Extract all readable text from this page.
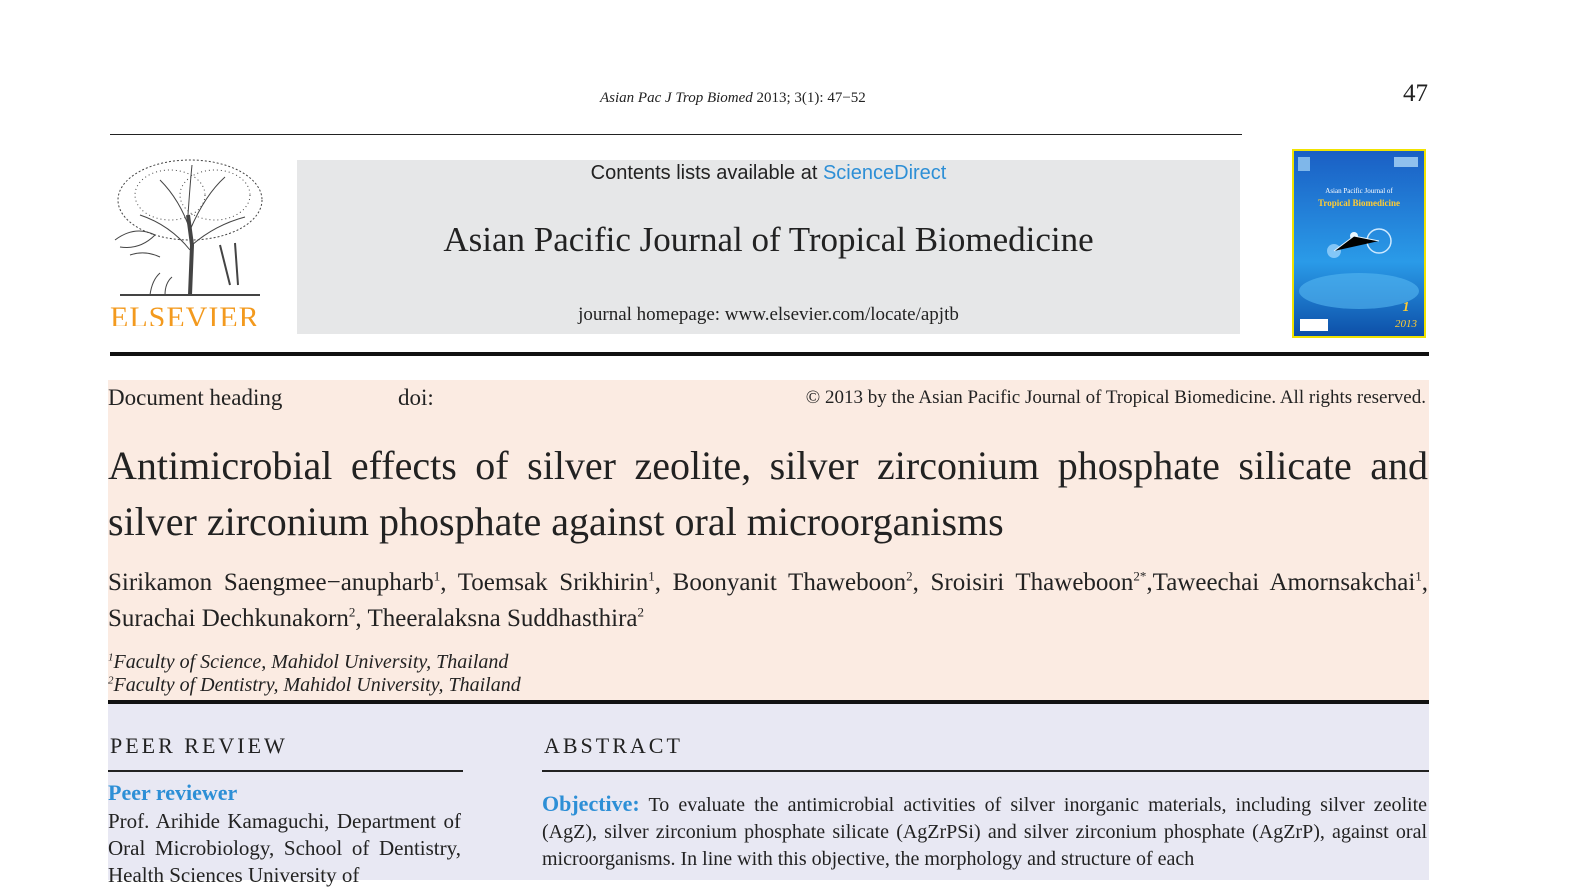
Asian Pac J Trop Biomed 2013; 3(1): 47−52	47
ELSEVIER
Contents lists available at ScienceDirect
Asian Pacific Journal of Tropical Biomedicine
journal homepage: www.elsevier.com/locate/apjtb
Asian Pacific Journal of
Tropical Biomedicine
1
2013
Document heading	doi:	© 2013 by the Asian Pacific Journal of Tropical Biomedicine. All rights reserved.
Antimicrobial effects of silver zeolite, silver zirconium phosphate silicate and silver zirconium phosphate against oral microorganisms

Sirikamon Saengmee−anupharb$^1$, Toemsak Srikhirin$^1$, Boonyanit Thaweboon$^2$, Sroisiri Thaweboon$^{2*}$,Taweechai Amornsakchai$^1$, Surachai Dechkunakorn$^2$, Theeralaksna Suddhasthira$^2$

$^1$Faculty of Science, Mahidol University, Thailand
$^2$Faculty of Dentistry, Mahidol University, Thailand
PEER REVIEW
Peer reviewer

Prof. Arihide Kamaguchi, Department of Oral Microbiology, School of Dentistry, Health Sciences University of

ABSTRACT

Objective: To evaluate the antimicrobial activities of silver inorganic materials, including silver zeolite (AgZ), silver zirconium phosphate silicate (AgZrPSi) and silver zirconium phosphate (AgZrP), against oral microorganisms. In line with this objective, the morphology and structure of each
